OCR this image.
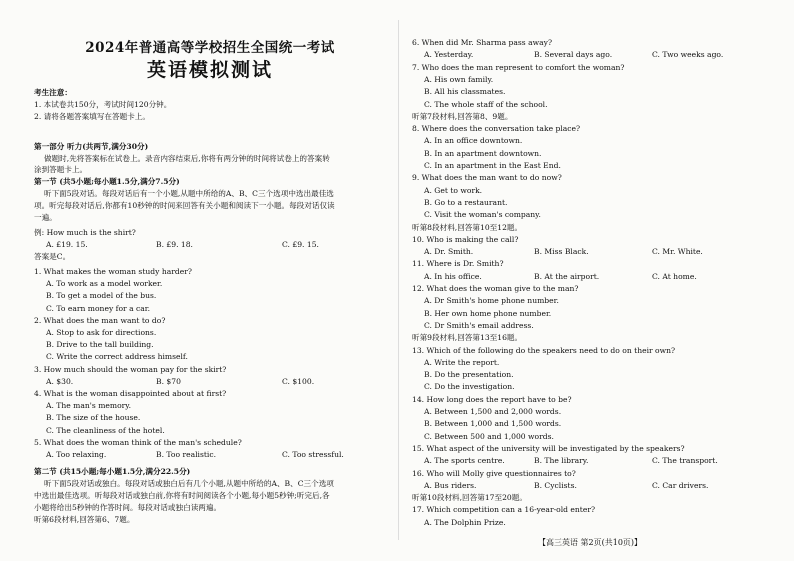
2024年普通高等学校招生全国统一考试
英语模拟测试
考生注意：
1. 本试卷共150分，考试时间120分钟。
2. 请将各题答案填写在答题卡上。
第一部分 听力(共两节,满分30分)
做题时,先将答案标在试卷上。录音内容结束后,你将有两分钟的时间将试卷上的答案转
涂到答题卡上。
第一节 (共5小题;每小题1.5分,满分7.5分)
听下面5段对话。每段对话后有一个小题,从题中所给的A、B、C三个选项中选出最佳选
项。听完每段对话后,你都有10秒钟的时间来回答有关小题和阅读下一小题。每段对话仅读
一遍。
例: How much is the shirt?
A. £19. 15.	B. £9. 18.	C. £9. 15.
答案是C。
1. What makes the woman study harder?
A. To work as a model worker.
B. To get a model of the bus.
C. To earn money for a car.
2. What does the man want to do?
A. Stop to ask for directions.
B. Drive to the tall building.
C. Write the correct address himself.
3. How much should the woman pay for the skirt?
A. $30.	B. $70	C. $100.
4. What is the woman disappointed about at first?
A. The man's memory.
B. The size of the house.
C. The cleanliness of the hotel.
5. What does the woman think of the man's schedule?
A. Too relaxing.	B. Too realistic.	C. Too stressful.
第二节 (共15小题;每小题1.5分,满分22.5分)
听下面5段对话或独白。每段对话或独白后有几个小题,从题中所给的A、B、C三个选项
中选出最佳选项。听每段对话或独白前,你将有时间阅读各个小题,每小题5秒钟;听完后,各
小题将给出5秒钟的作答时间。每段对话或独白读两遍。
听第6段材料,回答第6、7题。
6. When did Mr. Sharma pass away?
A. Yesterday.	B. Several days ago.	C. Two weeks ago.
7. Who does the man represent to comfort the woman?
A. His own family.
B. All his classmates.
C. The whole staff of the school.
听第7段材料,回答第8、9题。
8. Where does the conversation take place?
A. In an office downtown.
B. In an apartment downtown.
C. In an apartment in the East End.
9. What does the man want to do now?
A. Get to work.
B. Go to a restaurant.
C. Visit the woman's company.
听第8段材料,回答第10至12题。
10. Who is making the call?
A. Dr. Smith.	B. Miss Black.	C. Mr. White.
11. Where is Dr. Smith?
A. In his office.	B. At the airport.	C. At home.
12. What does the woman give to the man?
A. Dr Smith's home phone number.
B. Her own home phone number.
C. Dr Smith's email address.
听第9段材料,回答第13至16题。
13. Which of the following do the speakers need to do on their own?
A. Write the report.
B. Do the presentation.
C. Do the investigation.
14. How long does the report have to be?
A. Between 1,500 and 2,000 words.
B. Between 1,000 and 1,500 words.
C. Between 500 and 1,000 words.
15. What aspect of the university will be investigated by the speakers?
A. The sports centre.	B. The library.	C. The transport.
16. Who will Molly give questionnaires to?
A. Bus riders.	B. Cyclists.	C. Car drivers.
听第10段材料,回答第17至20题。
17. Which competition can a 16-year-old enter?
A. The Dolphin Prize.
【高三英语 第2页(共10页)】
